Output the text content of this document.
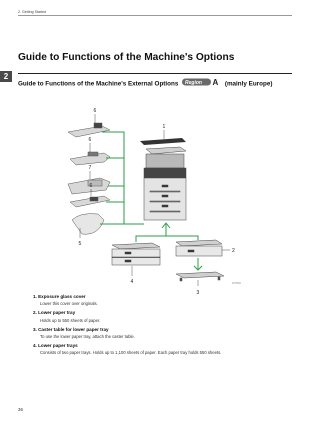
2. Getting Started
2
Guide to Functions of the Machine's Options
Guide to Functions of the Machine's External Options Region A (mainly Europe)
6
6
7
6
5
1
2
3
4	DHT000
1. Exposure glass cover
Lower this cover over originals.
2. Lower paper tray
Holds up to 550 sheets of paper.
3. Caster table for lower paper tray
To use the lower paper tray, attach the caster table.
4. Lower paper trays
Consists of two paper trays. Holds up to 1,100 sheets of paper. Each paper tray holds 550 sheets.
36
